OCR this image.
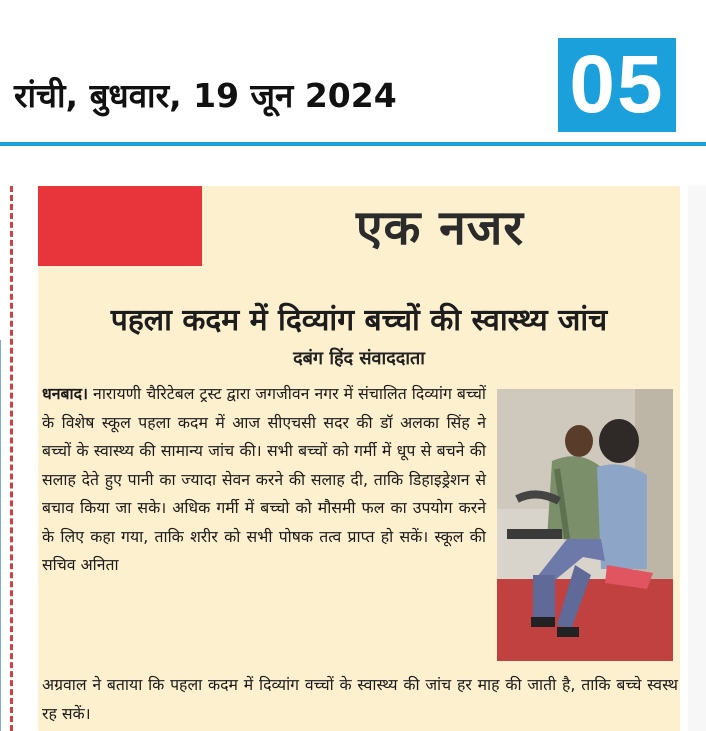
रांची, बुधवार, 19 जून 2024 05
एक नजर
पहला कदम में दिव्यांग बच्चों की स्वास्थ्य जांच
दबंग हिंद संवाददाता
धनबाद। नारायणी चैरिटेबल ट्रस्ट द्वारा जगजीवन नगर में संचालित दिव्यांग बच्चों के विशेष स्कूल पहला कदम में आज सीएचसी सदर की डॉ अलका सिंह ने बच्चों के स्वास्थ्य की सामान्य जांच की। सभी बच्चों को गर्मी में धूप से बचने की सलाह देते हुए पानी का ज्यादा सेवन करने की सलाह दी, ताकि डिहाइड्रेशन से बचाव किया जा सके। अधिक गर्मी में बच्चो को मौसमी फल का उपयोग करने के लिए कहा गया, ताकि शरीर को सभी पोषक तत्व प्राप्त हो सकें। स्कूल की सचिव अनिता
अग्रवाल ने बताया कि पहला कदम में दिव्यांग वच्चों के स्वास्थ्य की जांच हर माह की जाती है, ताकि बच्चे स्वस्थ रह सकें।
